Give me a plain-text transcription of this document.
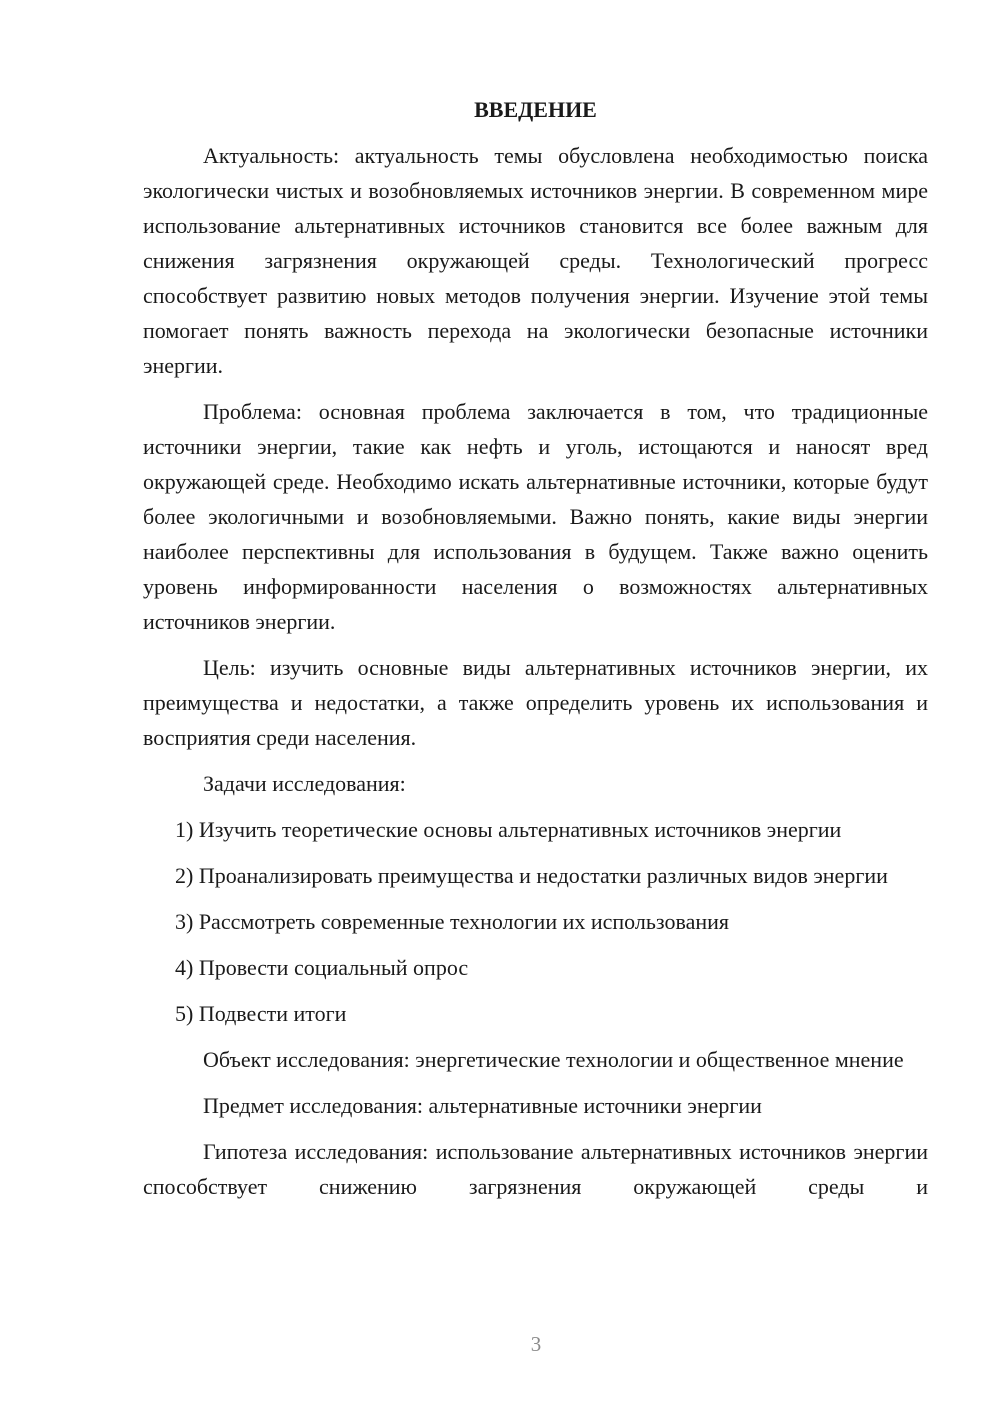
ВВЕДЕНИЕ

Актуальность: актуальность темы обусловлена необходимостью поиска экологически чистых и возобновляемых источников энергии. В современном мире использование альтернативных источников становится все более важным для снижения загрязнения окружающей среды. Технологический прогресс способствует развитию новых методов получения энергии. Изучение этой темы помогает понять важность перехода на экологически безопасные источники энергии.

Проблема: основная проблема заключается в том, что традиционные источники энергии, такие как нефть и уголь, истощаются и наносят вред окружающей среде. Необходимо искать альтернативные источники, которые будут более экологичными и возобновляемыми. Важно понять, какие виды энергии наиболее перспективны для использования в будущем. Также важно оценить уровень информированности населения о возможностях альтернативных источников энергии.

Цель: изучить основные виды альтернативных источников энергии, их преимущества и недостатки, а также определить уровень их использования и восприятия среди населения.

Задачи исследования:

1) Изучить теоретические основы альтернативных источников энергии

2) Проанализировать преимущества и недостатки различных видов энергии

3) Рассмотреть современные технологии их использования

4) Провести социальный опрос

5) Подвести итоги

Объект исследования: энергетические технологии и общественное мнение

Предмет исследования: альтернативные источники энергии

Гипотеза исследования: использование альтернативных источников энергии способствует снижению загрязнения окружающей среды и

3
